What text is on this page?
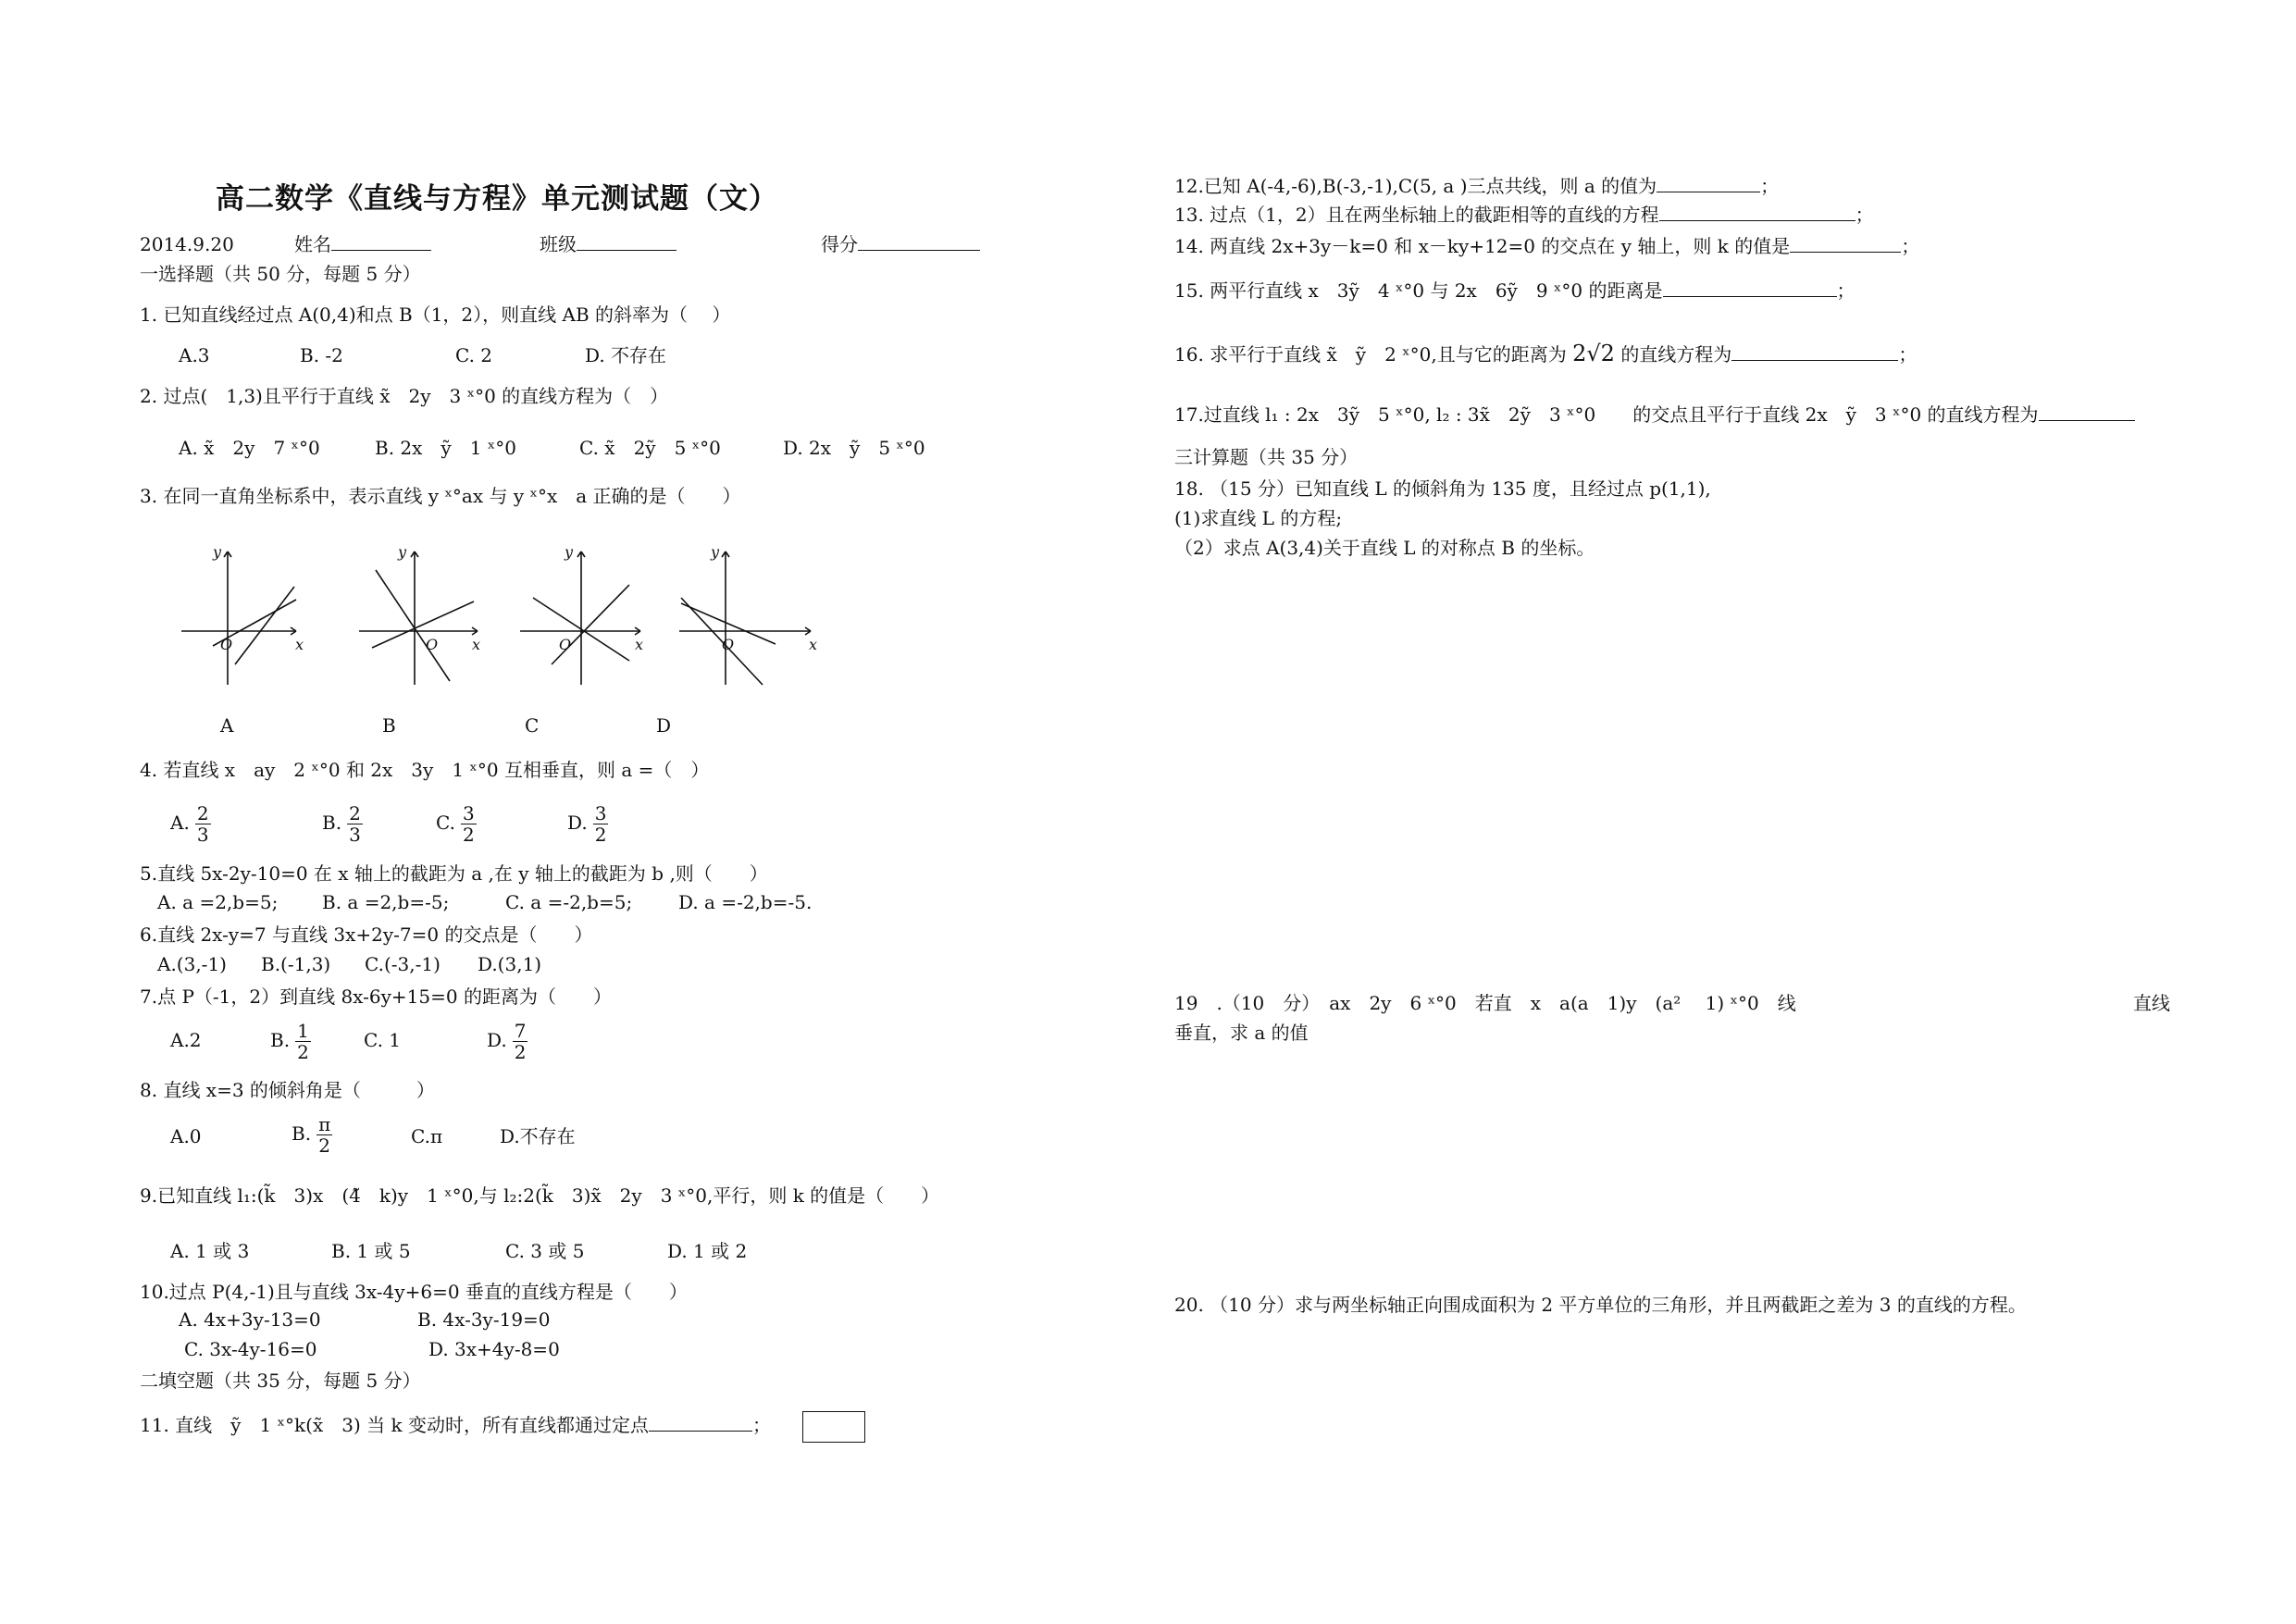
高二数学《直线与方程》单元测试题（文）
2014.9.20	姓名	班级	得分
一选择题（共 50 分，每题 5 分）
1. 已知直线经过点 A(0,4)和点 B（1，2），则直线 AB 的斜率为（　 ）
A.3	B. -2	C. 2	D. 不存在
2. 过点(　1,3)且平行于直线 x̃　2y　3 ˣ°0 的直线方程为（　）
A. x̃　2y　7 ˣ°0	B. 2x　ỹ　1 ˣ°0	C. x̃　2ỹ　5 ˣ°0	D. 2x　ỹ　5 ˣ°0
3. 在同一直角坐标系中，表示直线 y ˣ°ax 与 y ˣ°x　a 正确的是（　　）
y
x
O
y
x
O
y
x
O
y
x
O
A	B	C	D
4. 若直线 x　ay　2 ˣ°0 和 2x　3y　1 ˣ°0 互相垂直，则 a =（　）
A. $\frac{2}{3}$	B. $\frac{2}{3}$	C. $\frac{3}{2}$	D. $\frac{3}{2}$
5.直线 5x-2y-10=0 在 x 轴上的截距为 a ,在 y 轴上的截距为 b ,则（　　）
A. a =2,b=5; B. a =2,b=-5;	C. a =-2,b=5; D. a =-2,b=-5.
6.直线 2x-y=7 与直线 3x+2y-7=0 的交点是（　　）
A.(3,-1) B.(-1,3) C.(-3,-1) D.(3,1)
7.点 P（-1，2）到直线 8x-6y+15=0 的距离为（　　）
A.2	B. $\frac{1}{2}$	C. 1	D. $\frac{7}{2}$
8. 直线 x=3 的倾斜角是（　　　）
A.0	B. $\frac{\pi}{2}$	C.π	D.不存在
9.已知直线 l₁:(k̃　3)x　(4̃　k)y　1 ˣ°0,与 l₂:2(k̃　3)x̃　2y　3 ˣ°0,平行，则 k 的值是（　　）
A. 1 或 3	B. 1 或 5	C. 3 或 5	D. 1 或 2
10.过点 P(4,-1)且与直线 3x-4y+6=0 垂直的直线方程是（　　）
A. 4x+3y-13=0	B. 4x-3y-19=0
C. 3x-4y-16=0	D. 3x+4y-8=0
二填空题（共 35 分，每题 5 分）
11. 直线　ỹ　1 ˣ°k(x̃　3) 当 k 变动时，所有直线都通过定点	；
12.已知 A(-4,-6),B(-3,-1),C(5, a )三点共线，则 a 的值为	；
13. 过点（1，2）且在两坐标轴上的截距相等的直线的方程	；
14. 两直线 2x+3y－k=0 和 x－ky+12=0 的交点在 y 轴上，则 k 的值是	；
15. 两平行直线 x　3ỹ　4 ˣ°0 与 2x　6ỹ　9 ˣ°0 的距离是	；
16. 求平行于直线 x̃　ỹ　2 ˣ°0,且与它的距离为 2√2 的直线方程为	；
17.过直线 l₁ : 2x　3ỹ　5 ˣ°0, l₂ : 3x̃　2ỹ　3 ˣ°0　　 的交点且平行于直线 2x　ỹ　3 ˣ°0 的直线方程为
三计算题（共 35 分）
18. （15 分）已知直线 L 的倾斜角为 135 度，且经过点 p(1,1),
(1)求直线 L 的方程;
（2）求点 A(3,4)关于直线 L 的对称点 B 的坐标。
19　.（10　分）　ax　2y　6 ˣ°0　若直　x　a(a　1)y　(a² 　1) ˣ°0　线	直线
垂直，求 a 的值
20. （10 分）求与两坐标轴正向围成面积为 2 平方单位的三角形，并且两截距之差为 3 的直线的方程。
